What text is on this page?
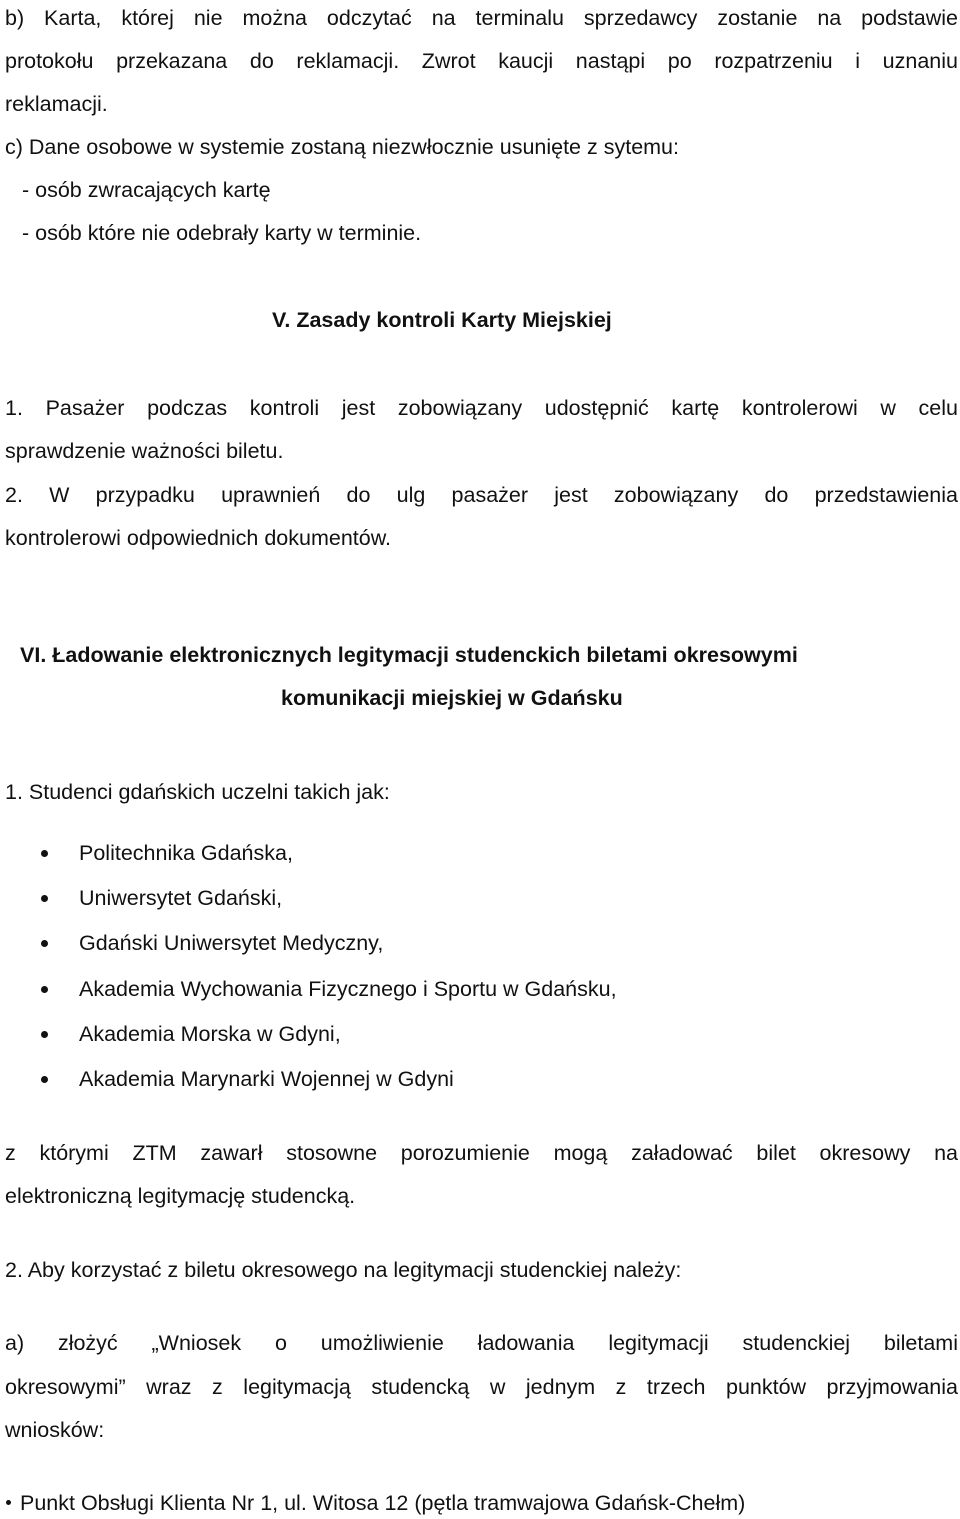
b) Karta, której nie można odczytać na terminalu sprzedawcy zostanie na podstawie
protokołu przekazana do reklamacji. Zwrot kaucji nastąpi po rozpatrzeniu i uznaniu
reklamacji.
c) Dane osobowe w systemie zostaną niezwłocznie usunięte z sytemu:
- osób zwracających kartę
- osób które nie odebrały karty w terminie.
V. Zasady kontroli Karty Miejskiej
1. Pasażer podczas kontroli jest zobowiązany udostępnić kartę kontrolerowi w celu
sprawdzenie ważności biletu.
2. W przypadku uprawnień do ulg pasażer jest zobowiązany do przedstawienia
kontrolerowi odpowiednich dokumentów.
VI. Ładowanie elektronicznych legitymacji studenckich biletami okresowymi
komunikacji miejskiej w Gdańsku
1. Studenci gdańskich uczelni takich jak:
Politechnika Gdańska,
Uniwersytet Gdański,
Gdański Uniwersytet Medyczny,
Akademia Wychowania Fizycznego i Sportu w Gdańsku,
Akademia Morska w Gdyni,
Akademia Marynarki Wojennej w Gdyni
z którymi ZTM zawarł stosowne porozumienie mogą załadować bilet okresowy na
elektroniczną legitymację studencką.
2. Aby korzystać z biletu okresowego na legitymacji studenckiej należy:
a) złożyć „Wniosek o umożliwienie ładowania legitymacji studenckiej biletami
okresowymi” wraz z legitymacją studencką w jednym z trzech punktów przyjmowania
wniosków:
Punkt Obsługi Klienta Nr 1, ul. Witosa 12 (pętla tramwajowa Gdańsk-Chełm)
